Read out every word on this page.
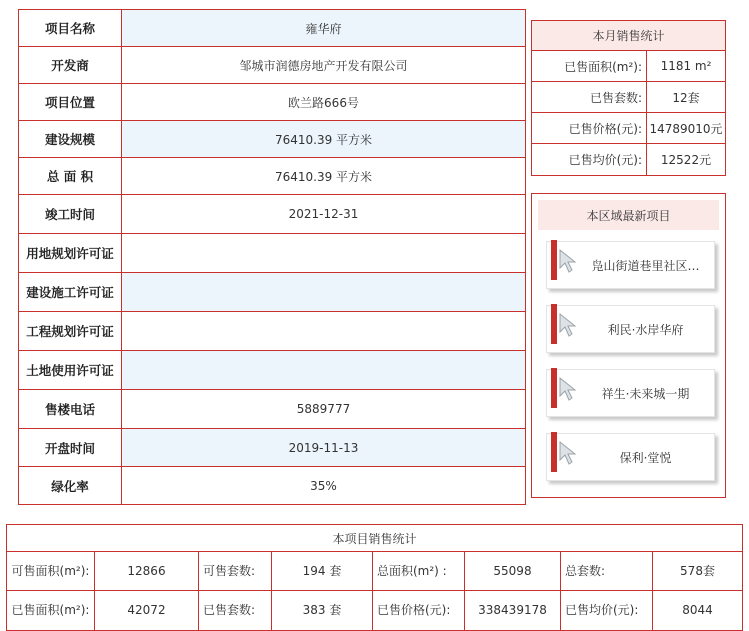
项目名称	雍华府
开发商	邹城市润德房地产开发有限公司
项目位置	欧兰路666号
建设规模	76410.39 平方米
总 面 积	76410.39 平方米
竣工时间	2021-12-31
用地规划许可证
建设施工许可证
工程规划许可证
土地使用许可证
售楼电话	5889777
开盘时间	2019-11-13
绿化率	35%
本月销售统计
已售面积(m²):	1181 m²
已售套数:	12套
已售价格(元): 14789010元
已售均价(元):	12522元
本区域最新项目
凫山街道巷里社区…
利民·水岸华府
祥生·未来城一期
保利·堂悦
本项目销售统计
可售面积(m²):	12866	可售套数:	194 套	总面积(m²) :	55098	总套数:	578套
已售面积(m²):	42072	已售套数:	383 套	已售价格(元):	338439178	已售均价(元):	8044
